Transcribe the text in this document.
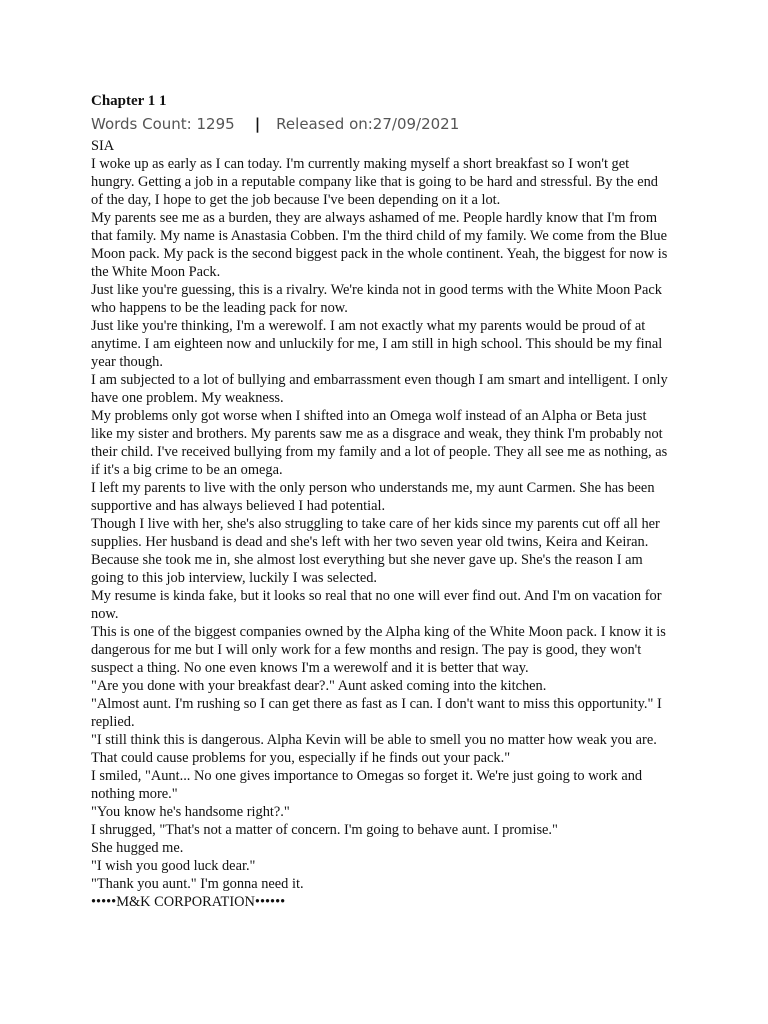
Chapter 1 1
Words Count: 1295 | Released on:27/09/2021

SIA

I woke up as early as I can today. I'm currently making myself a short breakfast so I won't get hungry. Getting a job in a reputable company like that is going to be hard and stressful. By the end of the day, I hope to get the job because I've been depending on it a lot.

My parents see me as a burden, they are always ashamed of me. People hardly know that I'm from that family. My name is Anastasia Cobben. I'm the third child of my family. We come from the Blue Moon pack. My pack is the second biggest pack in the whole continent. Yeah, the biggest for now is the White Moon Pack.

Just like you're guessing, this is a rivalry. We're kinda not in good terms with the White Moon Pack who happens to be the leading pack for now.

Just like you're thinking, I'm a werewolf. I am not exactly what my parents would be proud of at anytime. I am eighteen now and unluckily for me, I am still in high school. This should be my final year though.

I am subjected to a lot of bullying and embarrassment even though I am smart and intelligent. I only have one problem. My weakness.

My problems only got worse when I shifted into an Omega wolf instead of an Alpha or Beta just like my sister and brothers. My parents saw me as a disgrace and weak, they think I'm probably not their child. I've received bullying from my family and a lot of people. They all see me as nothing, as if it's a big crime to be an omega.

I left my parents to live with the only person who understands me, my aunt Carmen. She has been supportive and has always believed I had potential.

Though I live with her, she's also struggling to take care of her kids since my parents cut off all her supplies. Her husband is dead and she's left with her two seven year old twins, Keira and Keiran. Because she took me in, she almost lost everything but she never gave up. She's the reason I am going to this job interview, luckily I was selected.

My resume is kinda fake, but it looks so real that no one will ever find out. And I'm on vacation for now.

This is one of the biggest companies owned by the Alpha king of the White Moon pack. I know it is dangerous for me but I will only work for a few months and resign. The pay is good, they won't suspect a thing. No one even knows I'm a werewolf and it is better that way.

"Are you done with your breakfast dear?." Aunt asked coming into the kitchen.

"Almost aunt. I'm rushing so I can get there as fast as I can. I don't want to miss this opportunity." I replied.

"I still think this is dangerous. Alpha Kevin will be able to smell you no matter how weak you are. That could cause problems for you, especially if he finds out your pack."

I smiled, "Aunt... No one gives importance to Omegas so forget it. We're just going to work and nothing more."

"You know he's handsome right?."

I shrugged, "That's not a matter of concern. I'm going to behave aunt. I promise."

She hugged me.

"I wish you good luck dear."

"Thank you aunt." I'm gonna need it.

•••••M&K CORPORATION••••••
